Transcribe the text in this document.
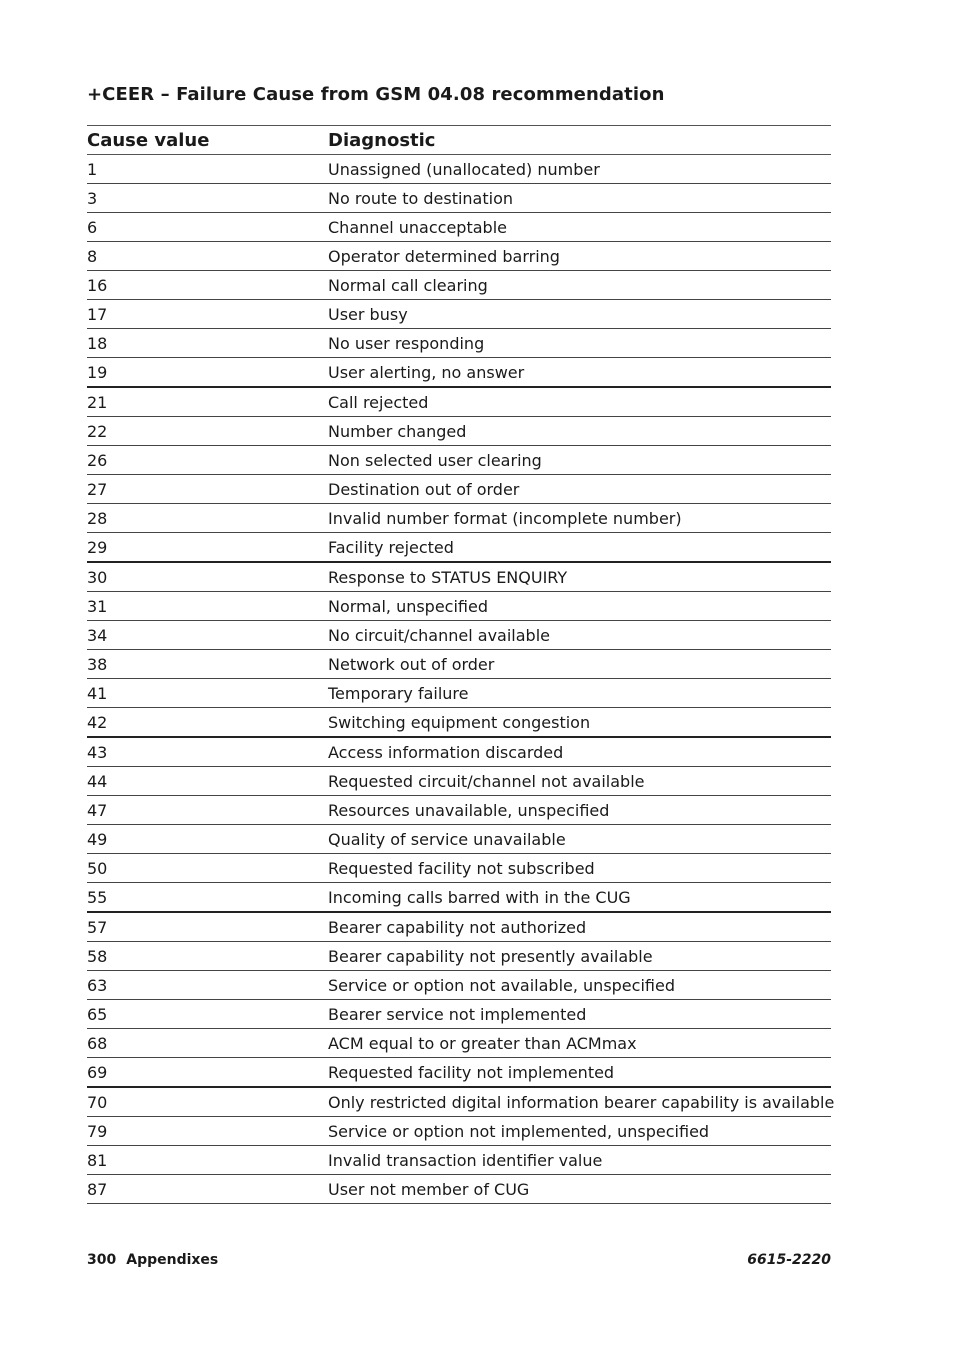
+CEER – Failure Cause from GSM 04.08 recommendation
Cause value	Diagnostic
1	Unassigned (unallocated) number
3	No route to destination
6	Channel unacceptable
8	Operator determined barring
16	Normal call clearing
17	User busy
18	No user responding
19	User alerting, no answer
21	Call rejected
22	Number changed
26	Non selected user clearing
27	Destination out of order
28	Invalid number format (incomplete number)
29	Facility rejected
30	Response to STATUS ENQUIRY
31	Normal, unspecified
34	No circuit/channel available
38	Network out of order
41	Temporary failure
42	Switching equipment congestion
43	Access information discarded
44	Requested circuit/channel not available
47	Resources unavailable, unspecified
49	Quality of service unavailable
50	Requested facility not subscribed
55	Incoming calls barred with in the CUG
57	Bearer capability not authorized
58	Bearer capability not presently available
63	Service or option not available, unspecified
65	Bearer service not implemented
68	ACM equal to or greater than ACMmax
69	Requested facility not implemented
70	Only restricted digital information bearer capability is available
79	Service or option not implemented, unspecified
81	Invalid transaction identifier value
87	User not member of CUG
300 Appendixes	6615-2220
